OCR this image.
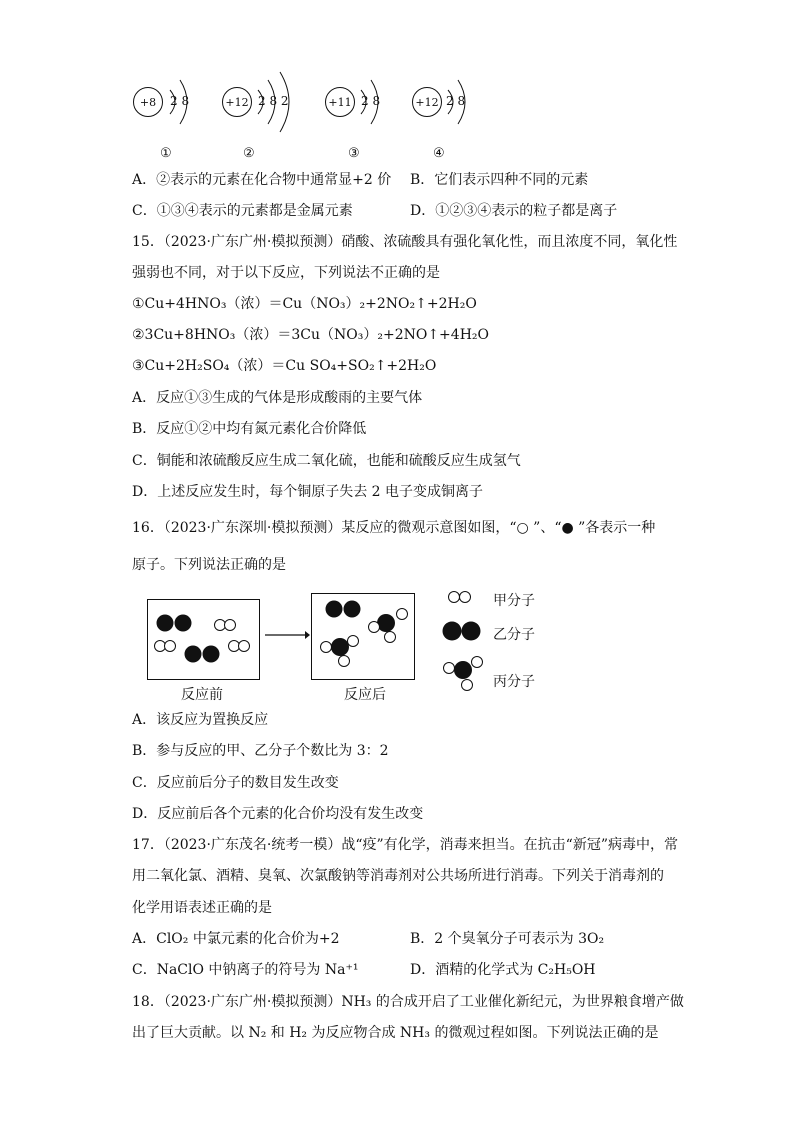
+8	2 8
①
+12 2 8 2
②
+11 2 8
③
+12 2 8
④
A．②表示的元素在化合物中通常显+2 价 B．它们表示四种不同的元素
C．①③④表示的元素都是金属元素	D．①②③④表示的粒子都是离子
15．（2023·广东广州·模拟预测）硝酸、浓硫酸具有强化氧化性，而且浓度不同，氧化性
强弱也不同，对于以下反应，下列说法不正确的是
①Cu+4HNO₃（浓）＝Cu（NO₃）₂+2NO₂↑+2H₂O
②3Cu+8HNO₃（浓）＝3Cu（NO₃）₂+2NO↑+4H₂O
③Cu+2H₂SO₄（浓）＝Cu SO₄+SO₂↑+2H₂O
A．反应①③生成的气体是形成酸雨的主要气体
B．反应①②中均有氮元素化合价降低
C．铜能和浓硫酸反应生成二氧化硫，也能和硫酸反应生成氢气
D．上述反应发生时，每个铜原子失去 2 电子变成铜离子
16．（2023·广东深圳·模拟预测）某反应的微观示意图如图，“○ ”、“● ”各表示一种
原子。下列说法正确的是
反应前	反应后
甲分子
乙分子
丙分子
A．该反应为置换反应
B．参与反应的甲、乙分子个数比为 3：2
C．反应前后分子的数目发生改变
D．反应前后各个元素的化合价均没有发生改变
17．（2023·广东茂名·统考一模）战“疫”有化学，消毒来担当。在抗击“新冠”病毒中，常
用二氧化氯、酒精、臭氧、次氯酸钠等消毒剂对公共场所进行消毒。下列关于消毒剂的
化学用语表述正确的是
A．ClO₂ 中氯元素的化合价为+2	B．2 个臭氧分子可表示为 3O₂
C．NaClO 中钠离子的符号为 Na⁺¹	D．酒精的化学式为 C₂H₅OH
18．（2023·广东广州·模拟预测）NH₃ 的合成开启了工业催化新纪元，为世界粮食增产做
出了巨大贡献。以 N₂ 和 H₂ 为反应物合成 NH₃ 的微观过程如图。下列说法正确的是
